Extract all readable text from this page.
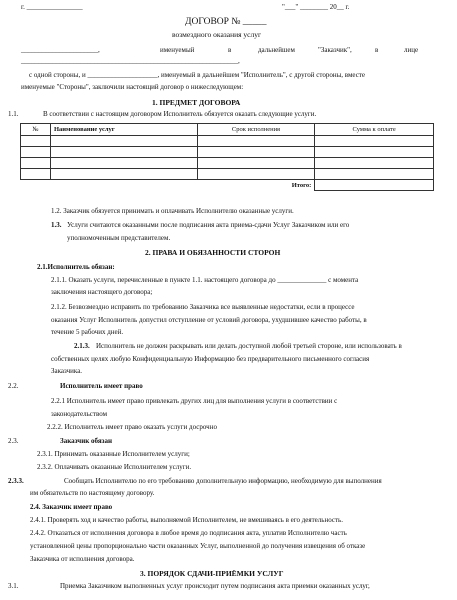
г. ________________	"___" ________ 20__ г.
ДОГОВОР № _____
возмездного оказания услуг
______________________,	именуемый	в	дальнейшем	"Заказчик",	в	лице
______________________________________________________________,
с одной стороны, и ____________________, именуемый в дальнейшем "Исполнитель", с другой стороны, вместе
именуемые "Стороны", заключили настоящий договор о нижеследующем:
1. ПРЕДМЕТ ДОГОВОРА
1.1.	В соответствии с настоящим договором Исполнитель обязуется оказать следующие услуги.
№	Наименование услуг	Срок исполнения	Сумма к оплате

		Итого:	
1.2. Заказчик обязуется принимать и оплачивать Исполнителю оказанные услуги.
1.3. Услуги считаются оказанными после подписания акта приема-сдачи Услуг Заказчиком или его
уполномоченным представителем.
2. ПРАВА И ОБЯЗАННОСТИ СТОРОН
2.1.Исполнитель обязан:
2.1.1. Оказать услуги, перечисленные в пункте 1.1. настоящего договора до ______________ с момента
заключения настоящего договора;
2.1.2. Безвозмездно исправить по требованию Заказчика все выявленные недостатки, если в процессе
оказания Услуг Исполнитель допустил отступление от условий договора, ухудшившее качество работы, в
течение 5 рабочих дней.
2.1.3. Исполнитель не должен раскрывать или делать доступной любой третьей стороне, или использовать в
собственных целях любую Конфиденциальную Информацию без предварительного письменного согласия
Заказчика.
2.2.	Исполнитель имеет право
2.2.1 Исполнитель имеет право привлекать других лиц для выполнения услуги в соответствии с
законодательством
2.2.2. Исполнитель имеет право оказать услуги досрочно
2.3.	Заказчик обязан
2.3.1. Принимать оказанные Исполнителем услуги;
2.3.2. Оплачивать оказанные Исполнителем услуги.
2.3.3.	Сообщать Исполнителю по его требованию дополнительную информацию, необходимую для выполнения
им обязательств по настоящему договору.
2.4. Заказчик имеет право
2.4.1. Проверять ход и качество работы, выполняемой Исполнителем, не вмешиваясь в его деятельность.
2.4.2. Отказаться от исполнения договора в любое время до подписания акта, уплатив Исполнителю часть
установленной цены пропорционально части оказанных Услуг, выполненной до получения извещения об отказе
Заказчика от исполнения договора.
3. ПОРЯДОК СДАЧИ-ПРИЁМКИ УСЛУГ
3.1.	Приемка Заказчиком выполненных услуг происходит путем подписания акта приемки оказанных услуг,
